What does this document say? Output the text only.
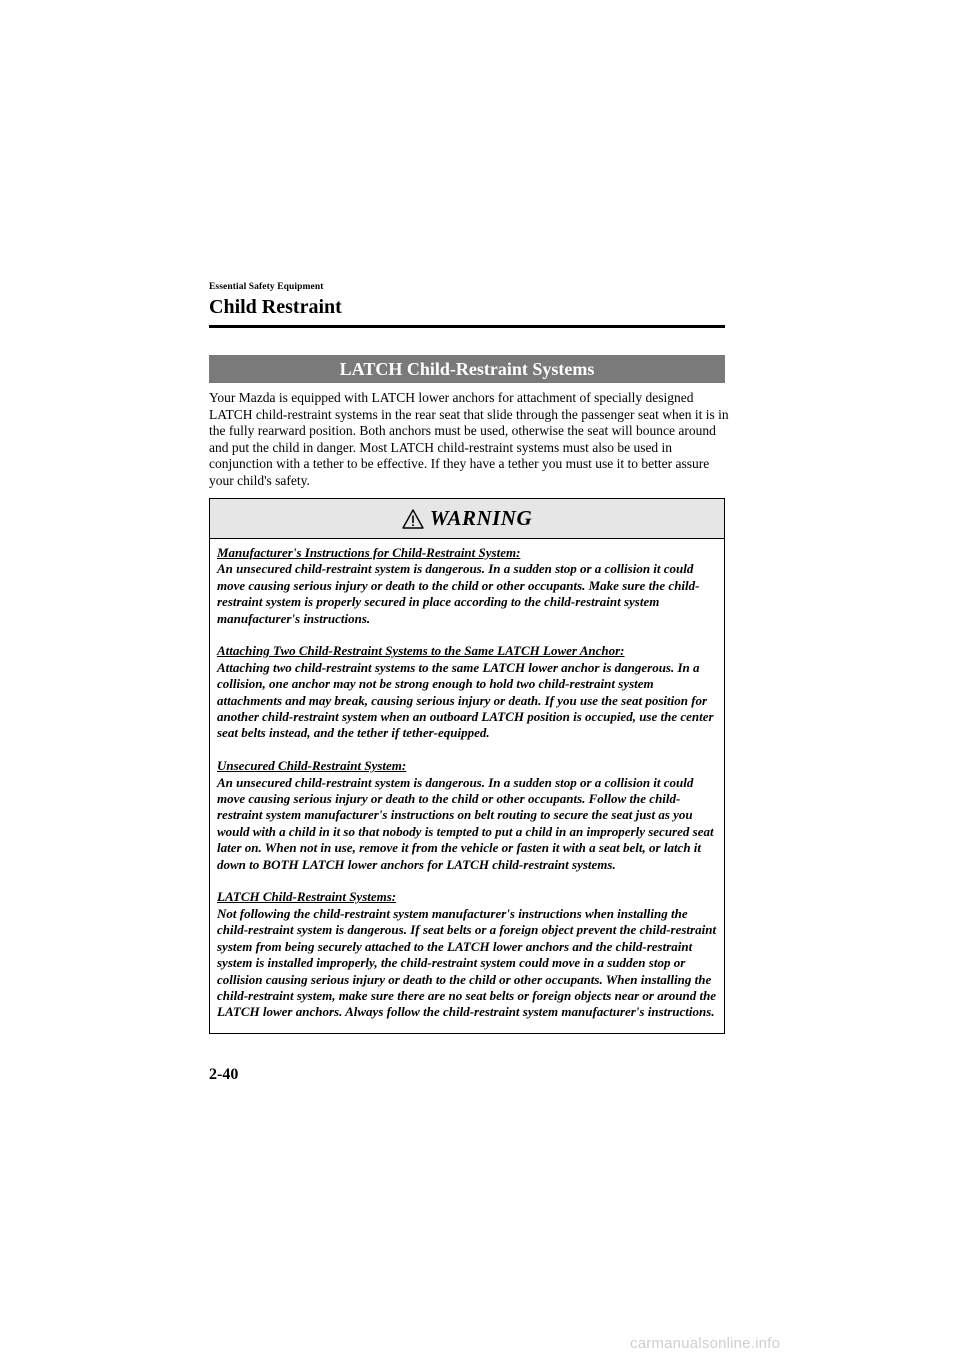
Essential Safety Equipment
Child Restraint
LATCH Child-Restraint Systems

Your Mazda is equipped with LATCH lower anchors for attachment of specially designed LATCH child-restraint systems in the rear seat that slide through the passenger seat when it is in the fully rearward position. Both anchors must be used, otherwise the seat will bounce around and put the child in danger. Most LATCH child-restraint systems must also be used in conjunction with a tether to be effective. If they have a tether you must use it to better assure your child's safety.

WARNING
Manufacturer's Instructions for Child-Restraint System:
An unsecured child-restraint system is dangerous. In a sudden stop or a collision it could move causing serious injury or death to the child or other occupants. Make sure the child-restraint system is properly secured in place according to the child-restraint system manufacturer's instructions.
Attaching Two Child-Restraint Systems to the Same LATCH Lower Anchor:
Attaching two child-restraint systems to the same LATCH lower anchor is dangerous. In a collision, one anchor may not be strong enough to hold two child-restraint system attachments and may break, causing serious injury or death. If you use the seat position for another child-restraint system when an outboard LATCH position is occupied, use the center seat belts instead, and the tether if tether-equipped.
Unsecured Child-Restraint System:
An unsecured child-restraint system is dangerous. In a sudden stop or a collision it could move causing serious injury or death to the child or other occupants. Follow the child-restraint system manufacturer's instructions on belt routing to secure the seat just as you would with a child in it so that nobody is tempted to put a child in an improperly secured seat later on. When not in use, remove it from the vehicle or fasten it with a seat belt, or latch it down to BOTH LATCH lower anchors for LATCH child-restraint systems.
LATCH Child-Restraint Systems:
Not following the child-restraint system manufacturer's instructions when installing the child-restraint system is dangerous. If seat belts or a foreign object prevent the child-restraint system from being securely attached to the LATCH lower anchors and the child-restraint system is installed improperly, the child-restraint system could move in a sudden stop or collision causing serious injury or death to the child or other occupants. When installing the child-restraint system, make sure there are no seat belts or foreign objects near or around the LATCH lower anchors. Always follow the child-restraint system manufacturer's instructions.
2-40
carmanualsonline.info
